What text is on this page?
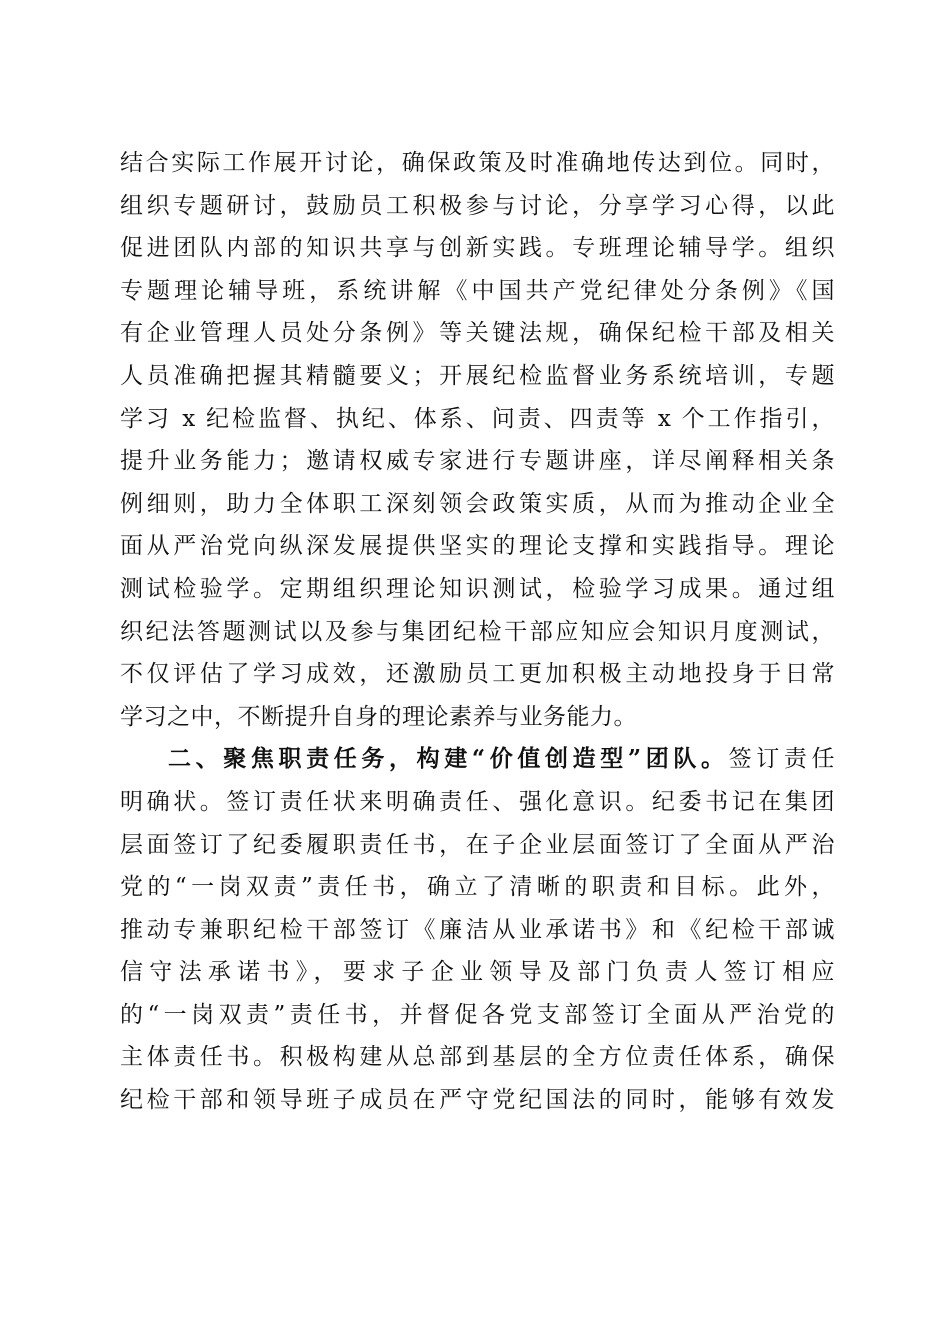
结合实际工作展开讨论，确保政策及时准确地传达到位。同时，
组织专题研讨，鼓励员工积极参与讨论，分享学习心得，以此
促进团队内部的知识共享与创新实践。专班理论辅导学。组织
专题理论辅导班，系统讲解《中国共产党纪律处分条例》《国
有企业管理人员处分条例》等关键法规，确保纪检干部及相关
人员准确把握其精髓要义；开展纪检监督业务系统培训，专题
学习 x 纪检监督、执纪、体系、问责、四责等 x 个工作指引，
提升业务能力；邀请权威专家进行专题讲座，详尽阐释相关条
例细则，助力全体职工深刻领会政策实质，从而为推动企业全
面从严治党向纵深发展提供坚实的理论支撑和实践指导。理论
测试检验学。定期组织理论知识测试，检验学习成果。通过组
织纪法答题测试以及参与集团纪检干部应知应会知识月度测试，
不仅评估了学习成效，还激励员工更加积极主动地投身于日常
学习之中，不断提升自身的理论素养与业务能力。
二、聚焦职责任务，构建“价值创造型”团队。签订责任
明确状。签订责任状来明确责任、强化意识。纪委书记在集团
层面签订了纪委履职责任书，在子企业层面签订了全面从严治
党的“一岗双责”责任书，确立了清晰的职责和目标。此外，
推动专兼职纪检干部签订《廉洁从业承诺书》和《纪检干部诚
信守法承诺书》，要求子企业领导及部门负责人签订相应
的“一岗双责”责任书，并督促各党支部签订全面从严治党的
主体责任书。积极构建从总部到基层的全方位责任体系，确保
纪检干部和领导班子成员在严守党纪国法的同时，能够有效发
